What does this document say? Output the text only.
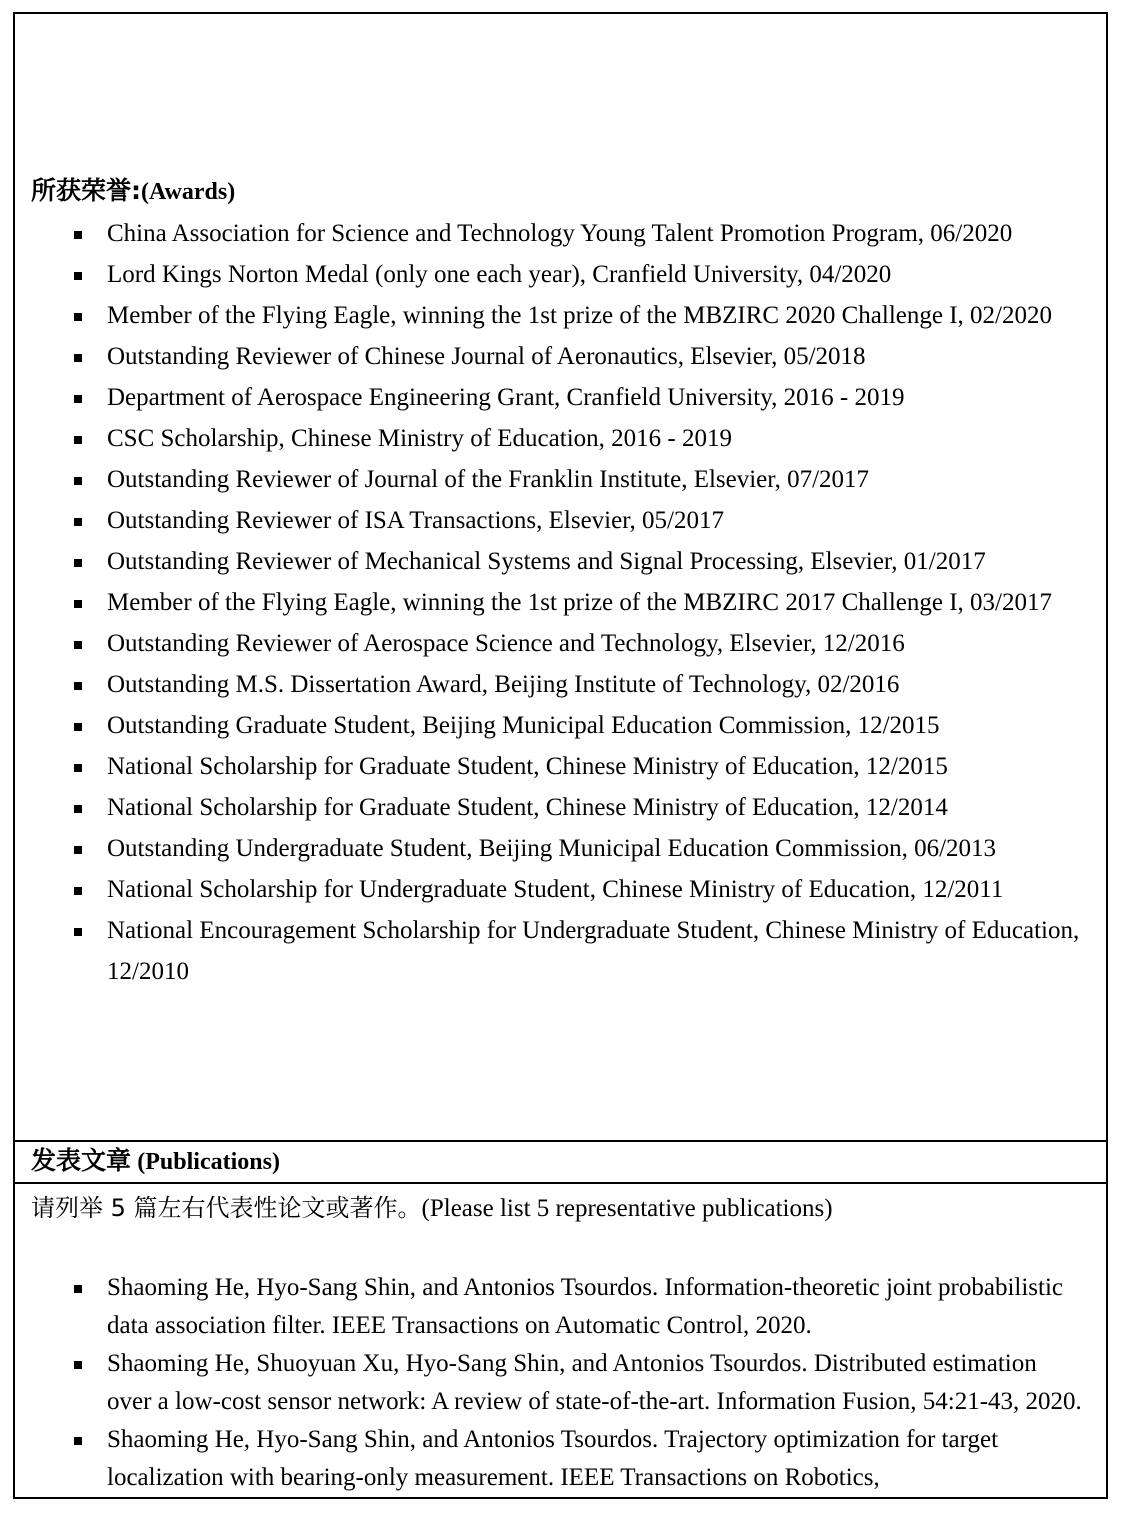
所获荣誉:(Awards)
China Association for Science and Technology Young Talent Promotion Program, 06/2020
Lord Kings Norton Medal (only one each year), Cranfield University, 04/2020
Member of the Flying Eagle, winning the 1st prize of the MBZIRC 2020 Challenge I, 02/2020
Outstanding Reviewer of Chinese Journal of Aeronautics, Elsevier, 05/2018
Department of Aerospace Engineering Grant, Cranfield University, 2016 - 2019
CSC Scholarship, Chinese Ministry of Education, 2016 - 2019
Outstanding Reviewer of Journal of the Franklin Institute, Elsevier, 07/2017
Outstanding Reviewer of ISA Transactions, Elsevier, 05/2017
Outstanding Reviewer of Mechanical Systems and Signal Processing, Elsevier, 01/2017
Member of the Flying Eagle, winning the 1st prize of the MBZIRC 2017 Challenge I, 03/2017
Outstanding Reviewer of Aerospace Science and Technology, Elsevier, 12/2016
Outstanding M.S. Dissertation Award, Beijing Institute of Technology, 02/2016
Outstanding Graduate Student, Beijing Municipal Education Commission, 12/2015
National Scholarship for Graduate Student, Chinese Ministry of Education, 12/2015
National Scholarship for Graduate Student, Chinese Ministry of Education, 12/2014
Outstanding Undergraduate Student, Beijing Municipal Education Commission, 06/2013
National Scholarship for Undergraduate Student, Chinese Ministry of Education, 12/2011
National Encouragement Scholarship for Undergraduate Student, Chinese Ministry of Education, 12/2010

发表文章 (Publications)

请列举 5 篇左右代表性论文或著作。(Please list 5 representative publications)

Shaoming He, Hyo-Sang Shin, and Antonios Tsourdos. Information-theoretic joint probabilistic data association filter. IEEE Transactions on Automatic Control, 2020.
Shaoming He, Shuoyuan Xu, Hyo-Sang Shin, and Antonios Tsourdos. Distributed estimation over a low-cost sensor network: A review of state-of-the-art. Information Fusion, 54:21-43, 2020.
Shaoming He, Hyo-Sang Shin, and Antonios Tsourdos. Trajectory optimization for target localization with bearing-only measurement. IEEE Transactions on Robotics,
